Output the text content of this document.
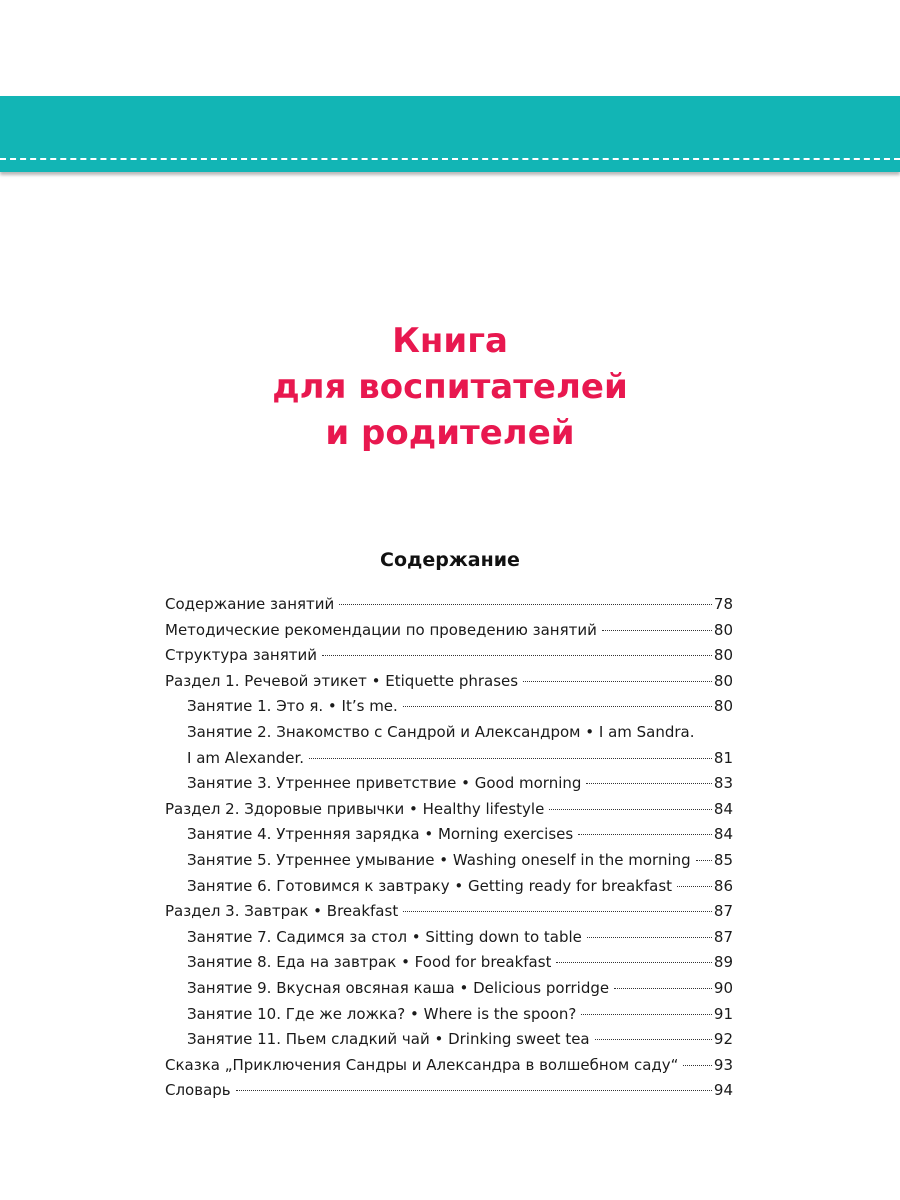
Книга
для воспитателей
и родителей
Содержание
Содержание занятий	78
Методические рекомендации по проведению занятий	80
Структура занятий	80
Раздел 1. Речевой этикет • Etiquette phrases	80
Занятие 1. Это я. • It’s me.	80
Занятие 2. Знакомство с Сандрой и Александром • I am Sandra.
I am Alexander.	81
Занятие 3. Утреннее приветствие • Good morning	83
Раздел 2. Здоровые привычки • Healthy lifestyle	84
Занятие 4. Утренняя зарядка • Morning exercises	84
Занятие 5. Утреннее умывание • Washing oneself in the morning 85
Занятие 6. Готовимся к завтраку • Getting ready for breakfast	86
Раздел 3. Завтрак • Breakfast	87
Занятие 7. Садимся за стол • Sitting down to table	87
Занятие 8. Еда на завтрак • Food for breakfast	89
Занятие 9. Вкусная овсяная каша • Delicious porridge	90
Занятие 10. Где же ложка? • Where is the spoon?	91
Занятие 11. Пьем сладкий чай • Drinking sweet tea	92
Сказка „Приключения Сандры и Александра в волшебном саду“ 93
Словарь	94
